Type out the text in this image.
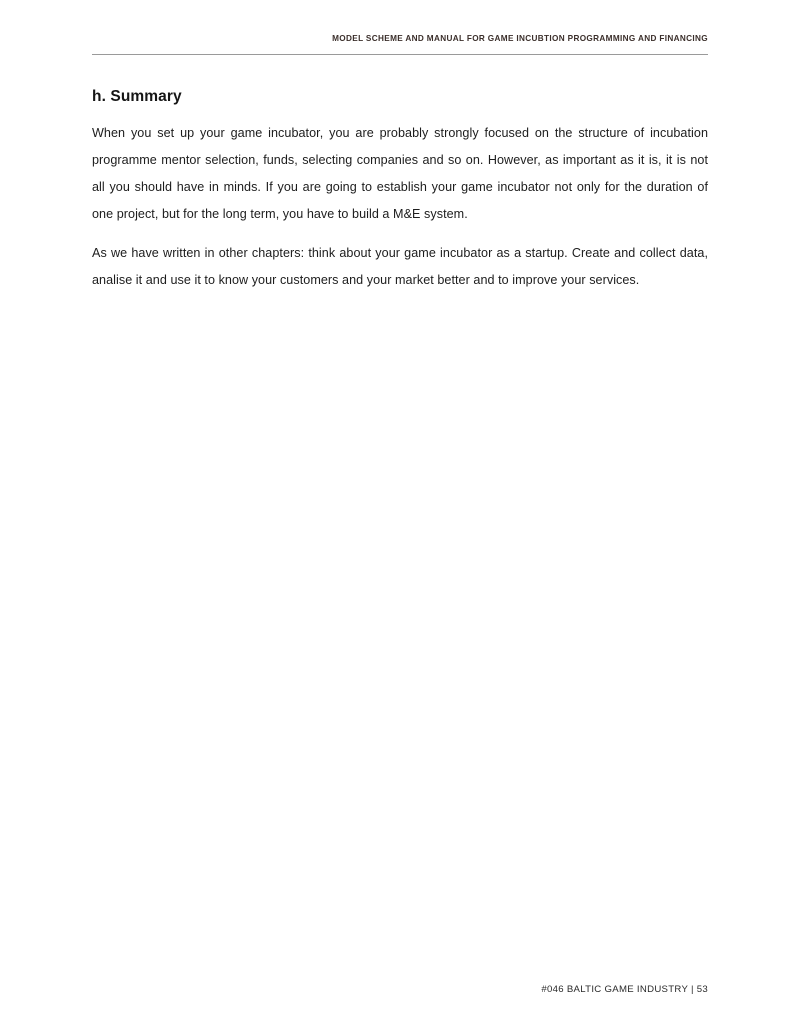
MODEL SCHEME AND MANUAL FOR GAME INCUBTION PROGRAMMING AND FINANCING
h. Summary

When you set up your game incubator, you are probably strongly focused on the structure of incubation programme mentor selection, funds, selecting companies and so on. However, as important as it is, it is not all you should have in minds. If you are going to establish your game incubator not only for the duration of one project, but for the long term, you have to build a M&E system.

As we have written in other chapters: think about your game incubator as a startup. Create and collect data, analise it and use it to know your customers and your market better and to improve your services.

#046 BALTIC GAME INDUSTRY | 53
